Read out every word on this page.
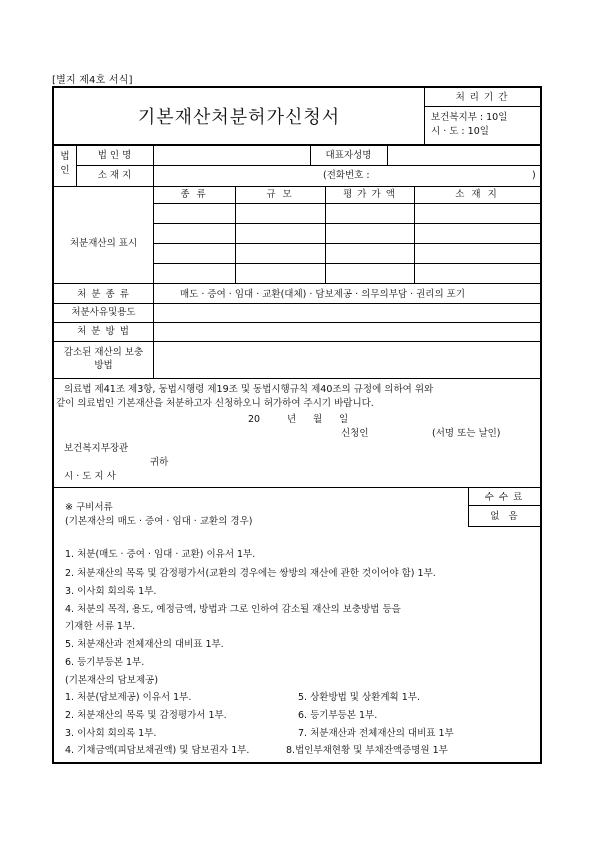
[별지 제4호 서식]
기본재산처분허가신청서
처 리 기 간
보건복지부 : 10일
시 · 도 : 10일
법
인
법 인 명	대표자성명
소 재 지	(전화번호 :	)
처분재산의 표시
종 류	규 모	평 가 가 액	소 재 지
처 분 종 류	매도 · 증여 · 임대 · 교환(대체) · 담보제공 · 의무의부담 · 권리의 포기
처분사유및용도
처 분 방 법
감소된 재산의 보충
방법
의료법 제41조 제3항, 동법시행령 제19조 및 동법시행규칙 제40조의 규정에 의하여 위와
같이 의료법인 기본재산을 처분하고자 신청하오니 허가하여 주시기 바랍니다.
20	년 월 일
신청인	(서명 또는 날인)
보건복지부장관
귀하
시 · 도 지 사
수 수 료
없   음
※ 구비서류
(기본재산의 매도 · 증여 · 임대 · 교환의 경우)
1. 처분(매도 · 증여 · 임대 · 교환) 이유서 1부.
2. 처분재산의 목록 및 감정평가서(교환의 경우에는 쌍방의 재산에 관한 것이어야 함) 1부.
3. 이사회 회의록 1부.
4. 처분의 목적, 용도, 예정금액, 방법과 그로 인하여 감소될 재산의 보충방법 등을
기재한 서류 1부.
5. 처분재산과 전체재산의 대비표 1부.
6. 등기부등본 1부.
(기본재산의 담보제공)
1. 처분(담보제공) 이유서 1부.
2. 처분재산의 목록 및 감정평가서 1부.
3. 이사회 회의록 1부.
4. 기채금액(피담보채권액) 및 담보권자 1부.
5. 상환방법 및 상환계획 1부.
6. 등기부등본 1부.
7. 처분재산과 전체재산의 대비표 1부
8.법인부채현황 및 부채잔액증명원 1부
